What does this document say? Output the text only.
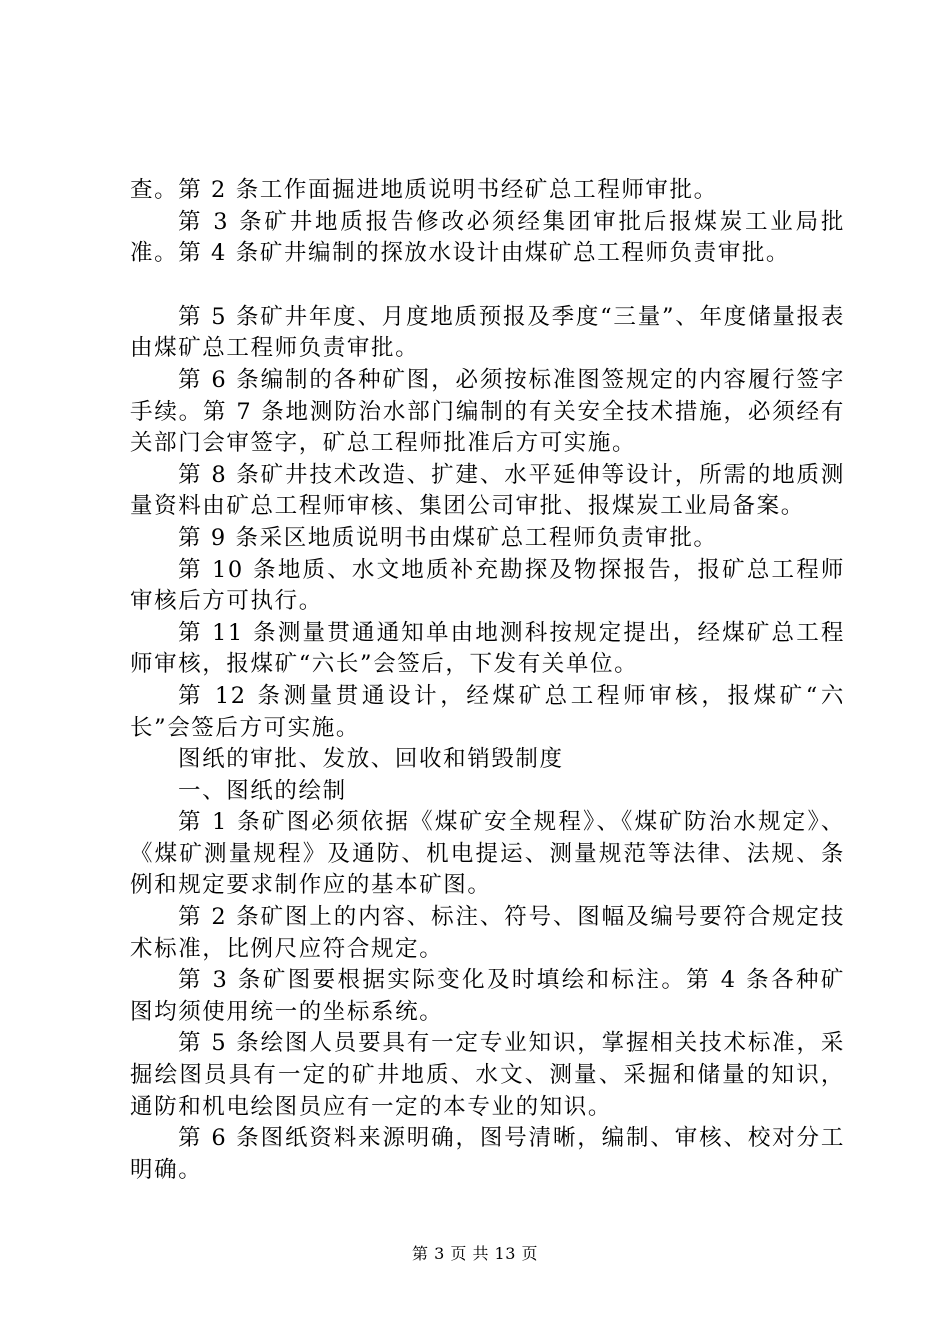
查。第 2 条工作面掘进地质说明书经矿总工程师审批。

第 3 条矿井地质报告修改必须经集团审批后报煤炭工业局批准。第 4 条矿井编制的探放水设计由煤矿总工程师负责审批。

第 5 条矿井年度、月度地质预报及季度“三量”、年度储量报表由煤矿总工程师负责审批。

第 6 条编制的各种矿图，必须按标准图签规定的内容履行签字手续。第 7 条地测防治水部门编制的有关安全技术措施，必须经有关部门会审签字，矿总工程师批准后方可实施。

第 8 条矿井技术改造、扩建、水平延伸等设计，所需的地质测量资料由矿总工程师审核、集团公司审批、报煤炭工业局备案。

第 9 条采区地质说明书由煤矿总工程师负责审批。

第 10 条地质、水文地质补充勘探及物探报告，报矿总工程师审核后方可执行。

第 11 条测量贯通通知单由地测科按规定提出，经煤矿总工程师审核，报煤矿“六长”会签后，下发有关单位。

第 12 条测量贯通设计，经煤矿总工程师审核，报煤矿“六长”会签后方可实施。

图纸的审批、发放、回收和销毁制度

一、图纸的绘制

第 1 条矿图必须依据《煤矿安全规程》、《煤矿防治水规定》、《煤矿测量规程》及通防、机电提运、测量规范等法律、法规、条例和规定要求制作应的基本矿图。

第 2 条矿图上的内容、标注、符号、图幅及编号要符合规定技术标准，比例尺应符合规定。

第 3 条矿图要根据实际变化及时填绘和标注。第 4 条各种矿图均须使用统一的坐标系统。

第 5 条绘图人员要具有一定专业知识，掌握相关技术标准，采掘绘图员具有一定的矿井地质、水文、测量、采掘和储量的知识，通防和机电绘图员应有一定的本专业的知识。

第 6 条图纸资料来源明确，图号清晰，编制、审核、校对分工明确。

第 3 页 共 13 页
